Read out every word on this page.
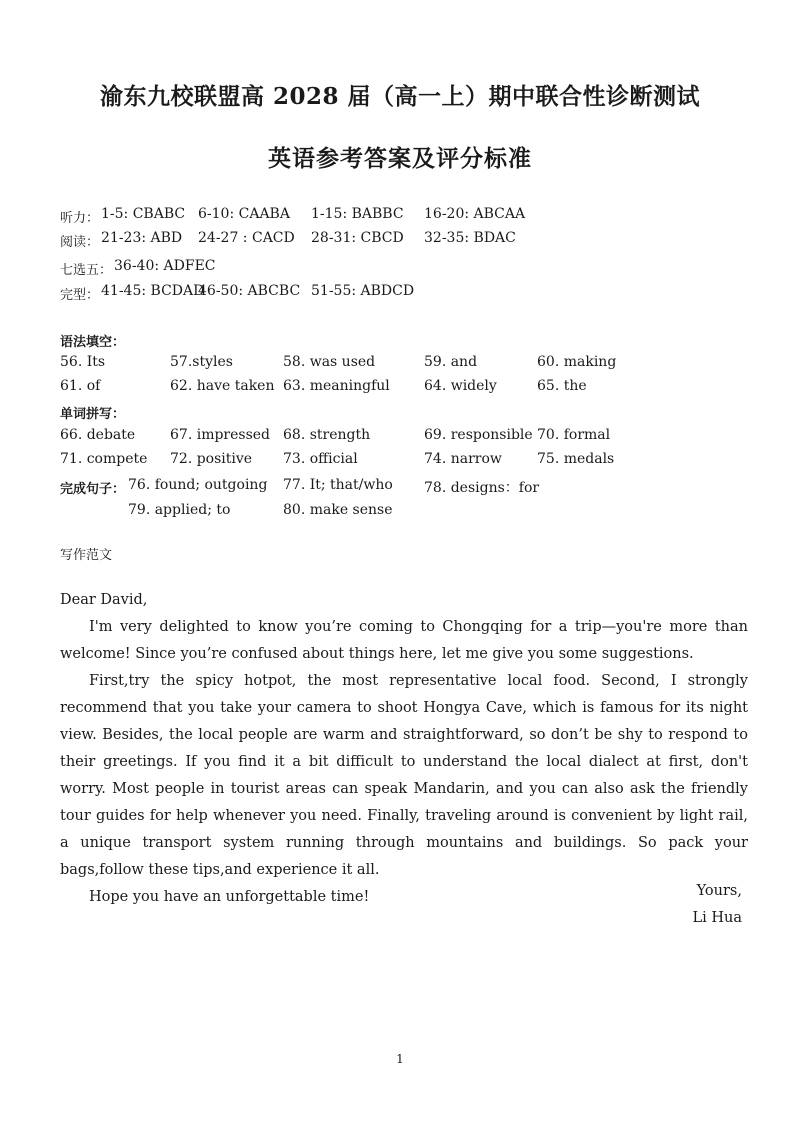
渝东九校联盟高 2028 届（高一上）期中联合性诊断测试
英语参考答案及评分标准
听力： 1-5: CBABC 6-10: CAABA 1-15: BABBC 16-20: ABCAA
阅读： 21-23: ABD 24-27 : CACD 28-31: CBCD 32-35: BDAC
七选五： 36-40: ADFEC
完型： 41-45: BCDAD
46-50: ABCBC 51-55: ABDCD
语法填空：
56. Its	57.styles	58. was used	59. and	60. making
61. of	62. have taken 63. meaningful 64. widely	65. the
单词拼写：
66. debate 67. impressed 68. strength	69. responsible 70. formal
71. compete 72. positive 73. official	74. narrow	75. medals
完成句子： 76. found; outgoing 77. It; that/who 78. designs：for
79. applied; to	80. make sense
写作范文
Dear David,

I'm very delighted to know you’re coming to Chongqing for a trip—you're more than welcome! Since you’re confused about things here, let me give you some suggestions.

First,try the spicy hotpot, the most representative local food. Second, I strongly recommend that you take your camera to shoot Hongya Cave, which is famous for its night view. Besides, the local people are warm and straightforward, so don’t be shy to respond to their greetings. If you find it a bit difficult to understand the local dialect at first, don't worry. Most people in tourist areas can speak Mandarin, and you can also ask the friendly tour guides for help whenever you need. Finally, traveling around is convenient by light rail, a unique transport system running through mountains and buildings. So pack your bags,follow these tips,and experience it all.

Hope you have an unforgettable time!	Yours,
Li Hua
1
